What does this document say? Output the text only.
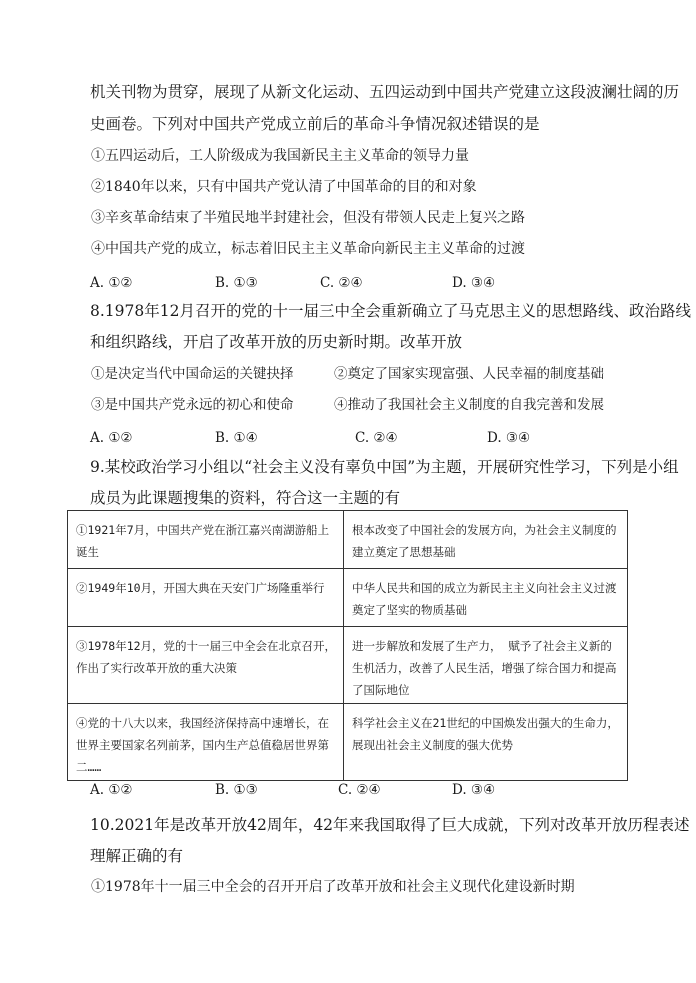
机关刊物为贯穿，展现了从新文化运动、五四运动到中国共产党建立这段波澜壮阔的历
史画卷。下列对中国共产党成立前后的革命斗争情况叙述错误的是
①五四运动后，工人阶级成为我国新民主主义革命的领导力量
②1840年以来，只有中国共产党认清了中国革命的目的和对象
③辛亥革命结束了半殖民地半封建社会，但没有带领人民走上复兴之路
④中国共产党的成立，标志着旧民主主义革命向新民主主义革命的过渡
A. ①②	B. ①③	C. ②④	D. ③④
8.1978年12月召开的党的十一届三中全会重新确立了马克思主义的思想路线、政治路线
和组织路线，开启了改革开放的历史新时期。改革开放
①是决定当代中国命运的关键抉择	②奠定了国家实现富强、人民幸福的制度基础
③是中国共产党永远的初心和使命	④推动了我国社会主义制度的自我完善和发展
A. ①②	B. ①④	C. ②④	D. ③④
9.某校政治学习小组以“社会主义没有辜负中国”为主题，开展研究性学习，下列是小组
成员为此课题搜集的资料，符合这一主题的有
①1921年7月，中国共产党在浙江嘉兴南湖游船上诞生	根本改变了中国社会的发展方向，为社会主义制度的建立奠定了思想基础
②1949年10月，开国大典在天安门广场隆重举行	中华人民共和国的成立为新民主主义向社会主义过渡奠定了坚实的物质基础
③1978年12月，党的十一届三中全会在北京召开，作出了实行改革开放的重大决策	进一步解放和发展了生产力， 赋予了社会主义新的生机活力，改善了人民生活，增强了综合国力和提高了国际地位
④党的十八大以来，我国经济保持高中速增长，在世界主要国家名列前茅，国内生产总值稳居世界第二……	科学社会主义在21世纪的中国焕发出强大的生命力，展现出社会主义制度的强大优势
A. ①②	B. ①③	C. ②④	D. ③④
10.2021年是改革开放42周年，42年来我国取得了巨大成就，下列对改革开放历程表述
理解正确的有
①1978年十一届三中全会的召开开启了改革开放和社会主义现代化建设新时期
